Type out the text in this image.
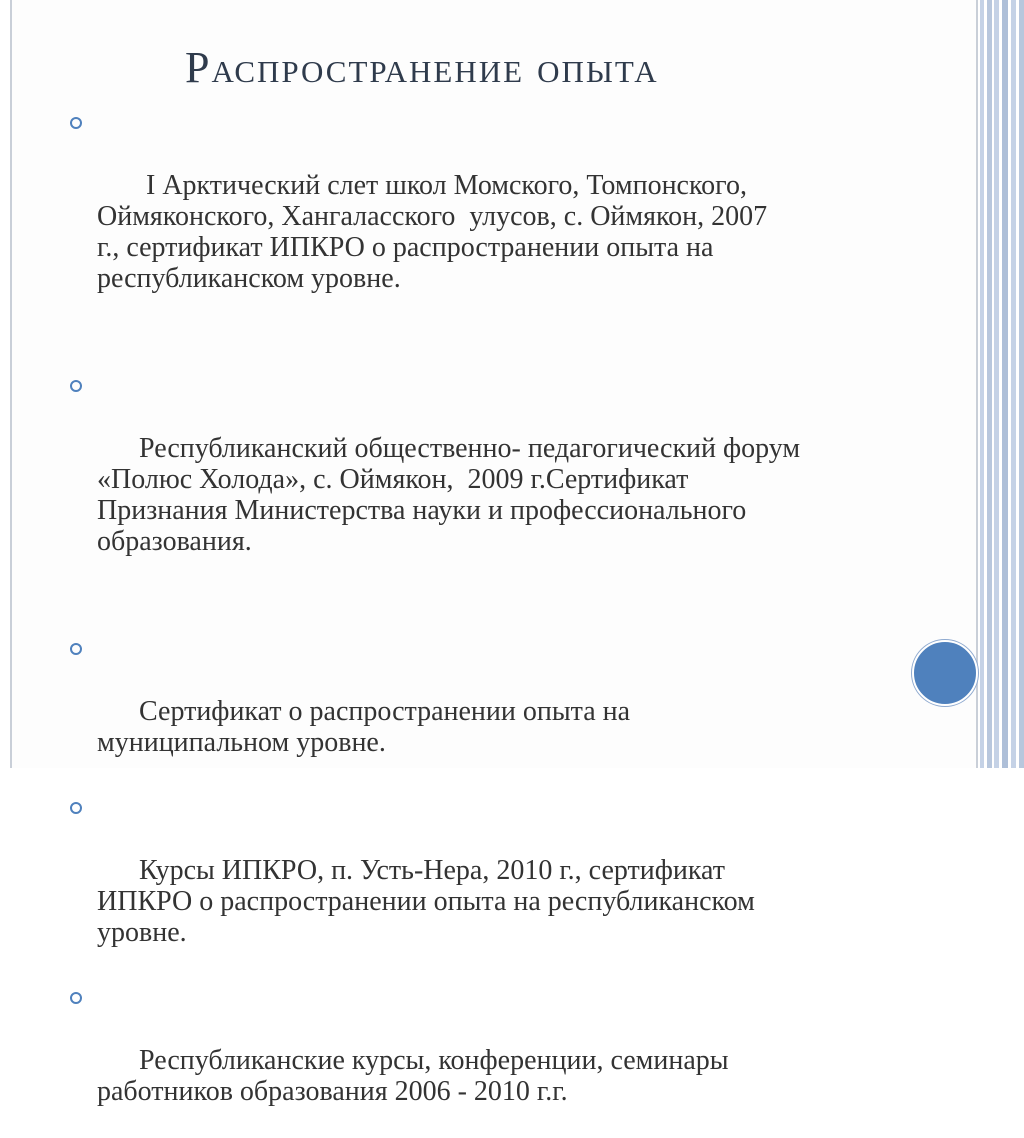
Распространение опыта

I Арктический слет школ Момского, Томпонского,
Оймяконского, Хангаласского  улусов, с. Оймякон, 2007
г., сертификат ИПКРО о распространении опыта на
республиканском уровне.

Республиканский общественно- педагогический форум
«Полюс Холода», с. Оймякон,  2009 г.Сертификат
Признания Министерства науки и профессионального
образования.

Сертификат о распространении опыта на
муниципальном уровне.

Курсы ИПКРО, п. Усть-Нера, 2010 г., сертификат
ИПКРО о распространении опыта на республиканском
уровне.

Республиканские курсы, конференции, семинары
работников образования 2006 - 2010 г.г.
